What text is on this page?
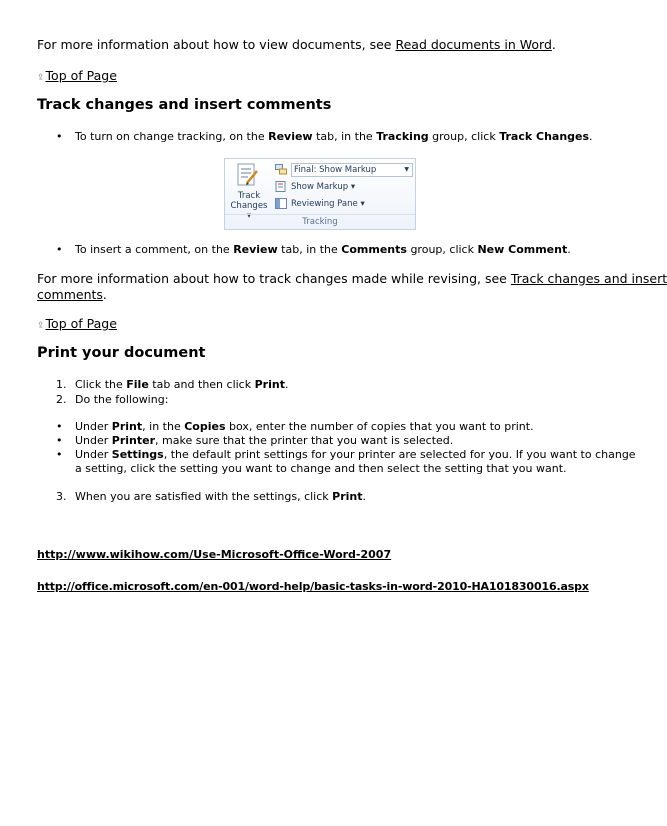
For more information about how to view documents, see Read documents in Word.
⇪Top of Page
Track changes and insert comments
• To turn on change tracking, on the Review tab, in the Tracking group, click Track Changes.
Track
Changes ▾
Final: Show Markup	▼
Show Markup ▾
Reviewing Pane ▾
Tracking
• To insert a comment, on the Review tab, in the Comments group, click New Comment.
For more information about how to track changes made while revising, see Track changes and insert
comments.
⇪Top of Page
Print your document
1. Click the File tab and then click Print.
2. Do the following:
• Under Print, in the Copies box, enter the number of copies that you want to print.
• Under Printer, make sure that the printer that you want is selected.
• Under Settings, the default print settings for your printer are selected for you. If you want to change
a setting, click the setting you want to change and then select the setting that you want.
3. When you are satisfied with the settings, click Print.
http://www.wikihow.com/Use-Microsoft-Office-Word-2007
http://office.microsoft.com/en-001/word-help/basic-tasks-in-word-2010-HA101830016.aspx
